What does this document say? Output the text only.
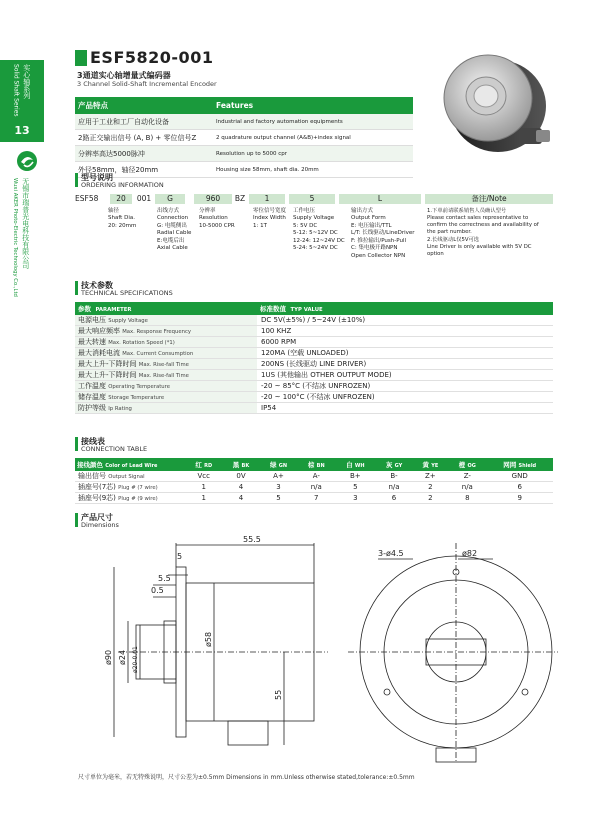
实心轴系列
Solid Shaft Series
13
无锡市瑞普光电科技有限公司
Wuxi AKER Photo-Electric Technology Co.,Ltd
ESF5820-001
3通道实心轴增量式编码器
3 Channel Solid-Shaft Incremental Encoder
产品特点	Features
应用于工业和工厂自动化设备	Industrial and factory automation equipments
2路正交输出信号 (A, B) + 零位信号Z	2 quadrature output channel (A&B)+index signal
分辨率高达5000脉冲	Resolution up to 5000 cpr
外径58mm，轴径20mm	Housing size 58mm, shaft dia. 20mm
型号说明
ORDERING INFORMATION
ESF58	20	001	G	960	BZ	1	5	L	备注/Note
轴径
Shaft Dia.
20: 20mm
出线方式
Connection
G: 电缆侧出
Radial Cable
E:电缆后出
Axial Cable
分辨率
Resolution
10-5000 CPR
零位信号宽度
Index Width
1: 1T
工作电压
Supply Voltage
5: 5V DC
5-12: 5~12V DC
12-24: 12~24V DC
5-24: 5~24V DC
输出方式
Output Form
E: 电压输出/TTL
L/T: 长线驱动/LineDriver
F: 推拉输出/Push-Pull
C: 集电极开路NPN
Open Collector NPN
1.下单前请联系销售人员确认型号
Please contact sales representative to
confirm the correctness and availability of
the part number.
2.长线驱动L仅5V可选
Line Driver is only available with 5V DC
option
技术参数
TECHNICAL SPECIFICATIONS
参数 PARAMETER	标准数值 TYP VALUE
电源电压 Supply Voltage	DC 5V(±5%) / 5~24V (±10%)
最大响应频率 Max. Response Frequency	100 KHZ
最大转速 Max. Rotation Speed (*1)	6000 RPM
最大消耗电流 Max. Current Consumption	120MA (空载 UNLOADED)
最大上升-下降时间 Max. Rise-fall Time	200NS (长线驱动 LINE DRIVER)
最大上升-下降时间 Max. Rise-fall Time	1US (其他输出 OTHER OUTPUT MODE)
工作温度 Operating Temperature	-20 ~ 85°C (不结冰 UNFROZEN)
储存温度 Storage Temperature	-20 ~ 100°C (不结冰 UNFROZEN)
防护等级 Ip Rating	IP54
接线表
CONNECTION TABLE
接线颜色 Color of Lead Wire	红 RD	黑 BK	绿 GN	棕 BN	白 WH	灰 GY	黄 YE	橙 OG	网网 Shield
输出信号 Output Signal	Vcc	0V	A+	A-	B+	B-	Z+	Z-	GND
插座号(7芯) Plug # (7 wire)	1	4	3	n/a	5	n/a	2	n/a	6
插座号(9芯) Plug # (9 wire)	1	4	5	7	3	6	2	8	9
产品尺寸
Dimensions
55.5
5
5.5
0.5
ø90 ø24 ø20-0.01
ø58
55
3-ø4.5	ø82
尺寸单位为毫米，若无特殊说明，尺寸公差为±0.5mm Dimensions in mm.Unless otherwise stated,tolerance:±0.5mm
